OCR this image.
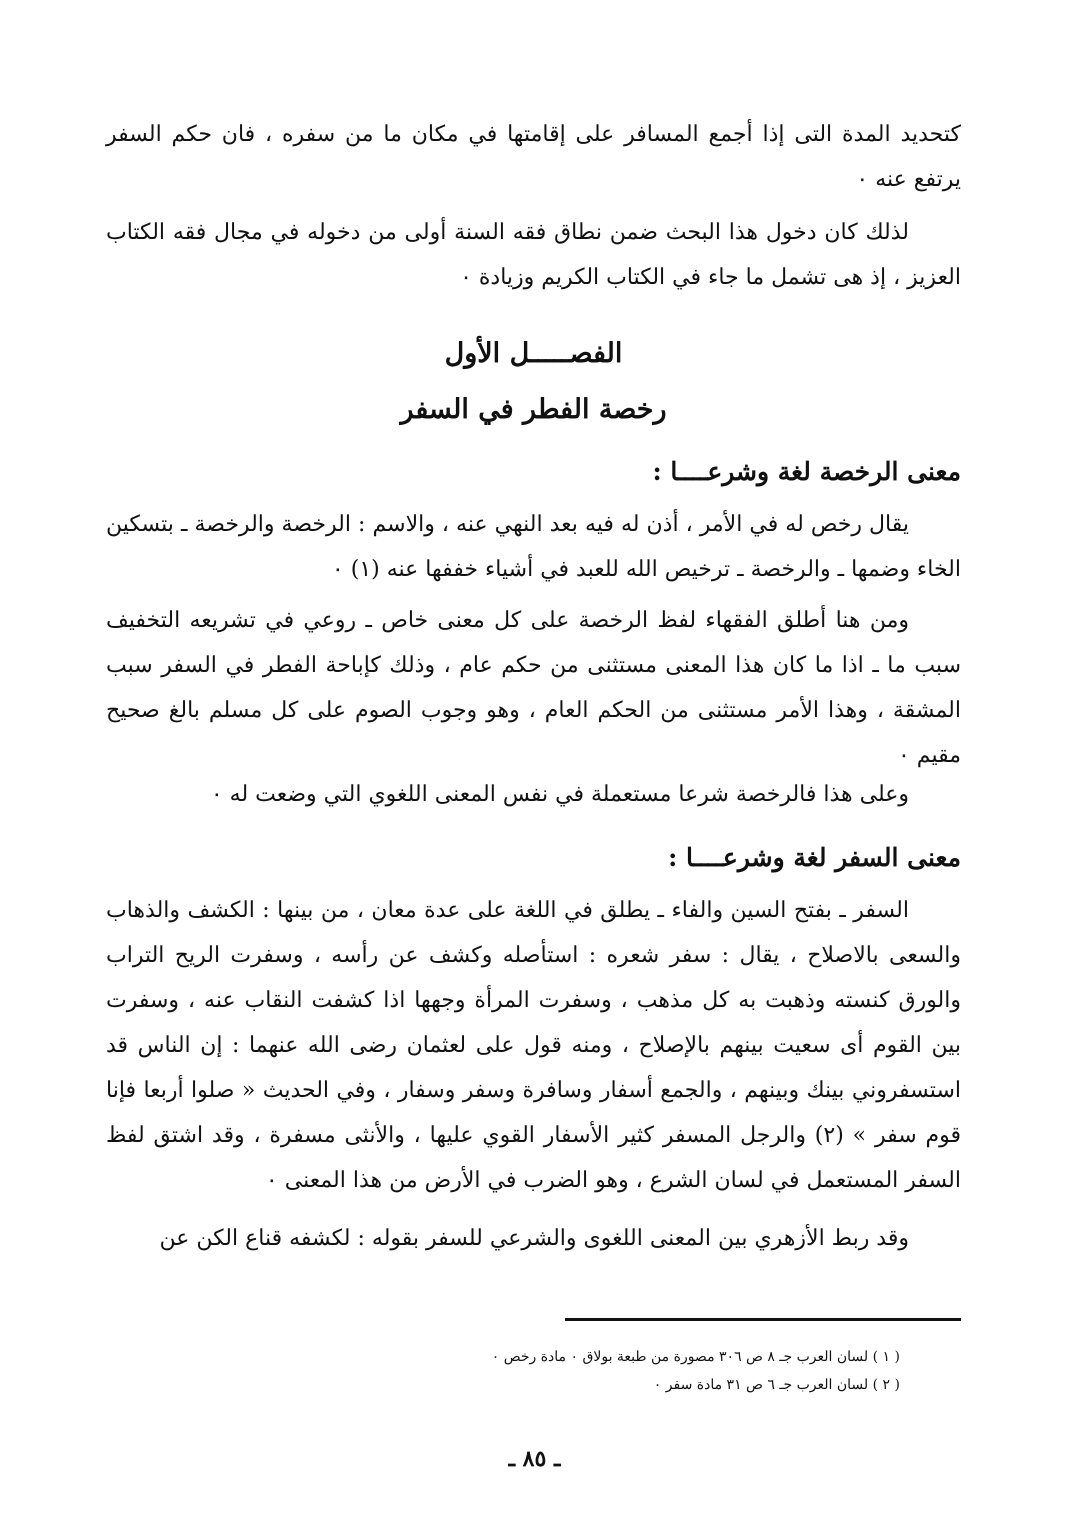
كتحديد المدة التى إذا أجمع المسافر على إقامتها في مكان ما من سفره ، فان حكم السفر يرتفع عنه ٠
لذلك كان دخول هذا البحث ضمن نطاق فقه السنة أولى من دخوله في مجال فقه الكتاب العزيز ، إذ هى تشمل ما جاء في الكتاب الكريم وزيادة ٠
الفصـــــل الأول
رخصة الفطر في السفر
معنى الرخصة لغة وشرعــــا :
يقال رخص له في الأمر ، أذن له فيه بعد النهي عنه ، والاسم : الرخصة والرخصة ـ بتسكين الخاء وضمها ـ والرخصة ـ ترخيص الله للعبد في أشياء خففها عنه (١) ٠
ومن هنا أطلق الفقهاء لفظ الرخصة على كل معنى خاص ـ روعي في تشريعه التخفيف سبب ما ـ اذا ما كان هذا المعنى مستثنى من حكم عام ، وذلك كإباحة الفطر في السفر سبب المشقة ، وهذا الأمر مستثنى من الحكم العام ، وهو وجوب الصوم على كل مسلم بالغ صحيح مقيم ٠
وعلى هذا فالرخصة شرعا مستعملة في نفس المعنى اللغوي التي وضعت له ٠
معنى السفر لغة وشرعــــا :
السفر ـ بفتح السين والفاء ـ يطلق في اللغة على عدة معان ، من بينها : الكشف والذهاب والسعى بالاصلاح ، يقال : سفر شعره : استأصله وكشف عن رأسه ، وسفرت الريح التراب والورق كنسته وذهبت به كل مذهب ، وسفرت المرأة وجهها اذا كشفت النقاب عنه ، وسفرت بين القوم أى سعيت بينهم بالإصلاح ، ومنه قول على لعثمان رضى الله عنهما : إن الناس قد استسفروني بينك وبينهم ، والجمع أسفار وسافرة وسفر وسفار ، وفي الحديث « صلوا أربعا فإنا قوم سفر » (٢) والرجل المسفر كثير الأسفار القوي عليها ، والأنثى مسفرة ، وقد اشتق لفظ السفر المستعمل في لسان الشرع ، وهو الضرب في الأرض من هذا المعنى ٠
وقد ربط الأزهري بين المعنى اللغوى والشرعي للسفر بقوله : لكشفه قناع الكن عن
( ١ ) لسان العرب جـ ٨ ص ٣٠٦ مصورة من طبعة بولاق ٠ مادة رخص ٠
( ٢ ) لسان العرب جـ ٦ ص ٣١ مادة سفر ٠
ـ ٨٥ ـ
